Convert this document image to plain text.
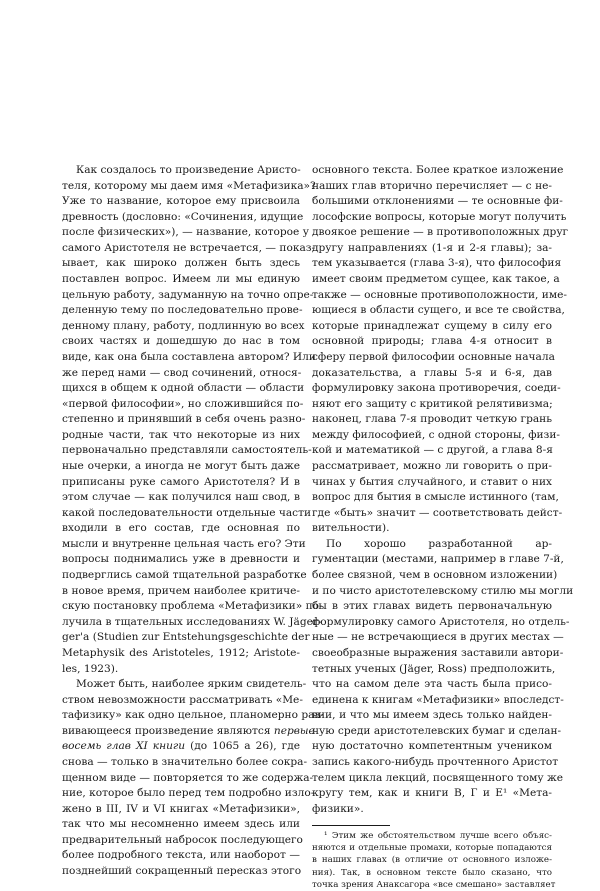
Как создалось то произведение Аристо-
теля, которому мы даем имя «Метафизика»?
Уже то название, которое ему присвоила
древность (дословно: «Сочинения, идущие
после физических»), — название, которое у
самого Аристотеля не встречается, — показ-
ывает, как широко должен быть здесь
поставлен вопрос. Имеем ли мы единую
цельную работу, задуманную на точно опре-
деленную тему по последовательно прове-
денному плану, работу, подлинную во всех
своих частях и дошедшую до нас в том
виде, как она была составлена автором? Или
же перед нами — свод сочинений, относя-
щихся в общем к одной области — области
«первой философии», но сложившийся по-
степенно и принявший в себя очень разно-
родные части, так что некоторые из них
первоначально представляли самостоятель-
ные очерки, а иногда не могут быть даже
приписаны руке самого Аристотеля? И в
этом случае — как получился наш свод, в
какой последовательности отдельные части
входили в его состав, где основная по
мысли и внутренне цельная часть его? Эти
вопросы поднимались уже в древности и
подверглись самой тщательной разработке
в новое время, причем наиболее критиче-
скую постановку проблема «Метафизики» по-
лучила в тщательных исследованиях W. Jäger-
ger'a (Studien zur Entstehungsgeschichte der
Metaphysik des Aristoteles, 1912; Aristote-
les, 1923).
Может быть, наиболее ярким свидетель-
ством невозможности рассматривать «Ме-
тафизику» как одно цельное, планомерно раз-
вивающееся произведение являются первые
восемь глав XI книги (до 1065 a 26), где
снова — только в значительно более сокра-
щенном виде — повторяется то же содержа-
ние, которое было перед тем подробно изло-
жено в III, IV и VI книгах «Метафизики»,
так что мы несомненно имеем здесь или
предварительный набросок последующего
более подробного текста, или наоборот —
позднейший сокращенный пересказ этого
основного текста. Более краткое изложение
наших глав вторично перечисляет — с не-
большими отклонениями — те основные фи-
лософские вопросы, которые могут получить
двоякое решение — в противоположных друг
другу направлениях (1-я и 2-я главы); за-
тем указывается (глава 3-я), что философия
имеет своим предметом сущее, как такое, а
также — основные противоположности, име-
ющиеся в области сущего, и все те свойства,
которые принадлежат сущему в силу его
основной природы; глава 4-я относит в
сферу первой философии основные начала
доказательства, а главы 5-я и 6-я, дав
формулировку закона противоречия, соеди-
няют его защиту с критикой релятивизма;
наконец, глава 7-я проводит четкую грань
между философией, с одной стороны, физи-
кой и математикой — с другой, а глава 8-я
рассматривает, можно ли говорить о при-
чинах у бытия случайного, и ставит о них
вопрос для бытия в смысле истинного (там,
где «быть» значит — соответствовать дейст-
вительности).
По хорошо разработанной ар-
гументации (местами, например в главе 7-й,
более связной, чем в основном изложении)
и по чисто аристотелевскому стилю мы могли
бы в этих главах видеть первоначальную
формулировку самого Аристотеля, но отдель-
ные — не встречающиеся в других местах —
своеобразные выражения заставили автори-
тетных ученых (Jäger, Ross) предположить,
что на самом деле эта часть была присо-
единена к книгам «Метафизики» впоследст-
вии, и что мы имеем здесь только найден-
ную среди аристотелевских бумаг и сделан-
ную достаточно компетентным учеником
запись какого-нибудь прочтенного Аристот
телем цикла лекций, посвященного тому же
кругу тем, как и книги B, Г и E¹ «Мета-
физики».
¹ Этим же обстоятельством лучше всего объяс-
няются и отдельные промахи, которые попадаются
в наших главах (в отличие от основного изложе-
ния). Так, в основном тексте было сказано, что
точка зрения Анаксагора «все смешано» заставляет
